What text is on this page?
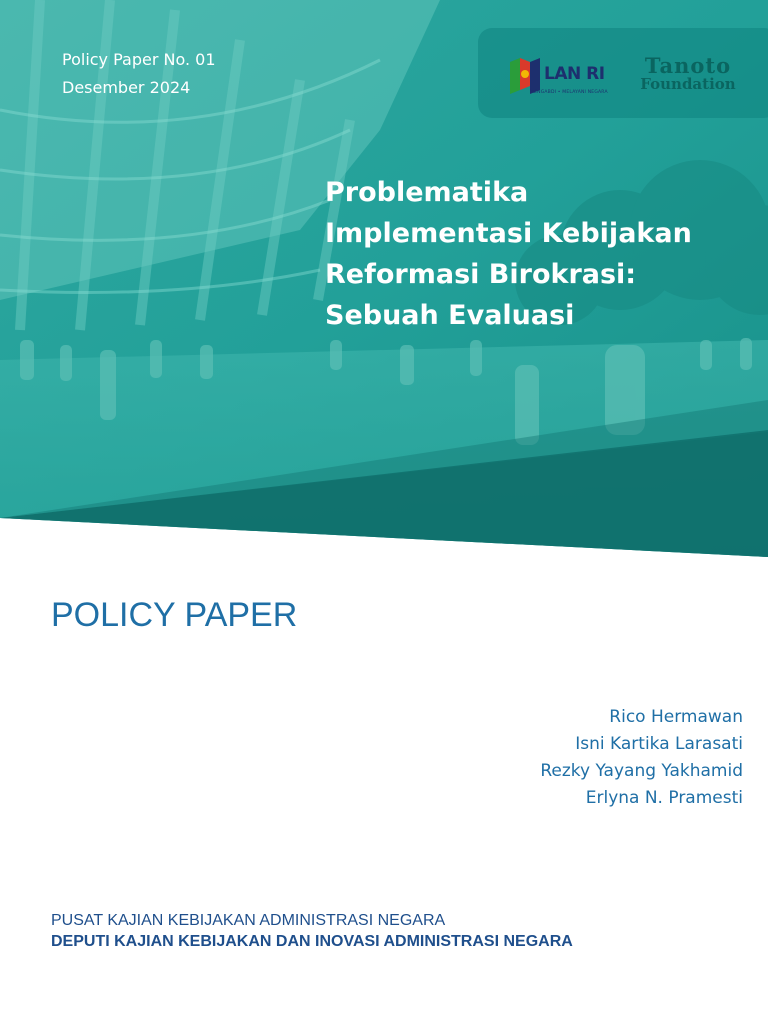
Policy Paper No. 01
Desember 2024
LAN RI
MENGABDI • MELAYANI NEGARA
Tanoto
Foundation
Problematika
Implementasi Kebijakan
Reformasi Birokrasi:
Sebuah Evaluasi
POLICY PAPER
Rico Hermawan
Isni Kartika Larasati
Rezky Yayang Yakhamid
Erlyna N. Pramesti
PUSAT KAJIAN KEBIJAKAN ADMINISTRASI NEGARA
DEPUTI KAJIAN KEBIJAKAN DAN INOVASI ADMINISTRASI NEGARA
